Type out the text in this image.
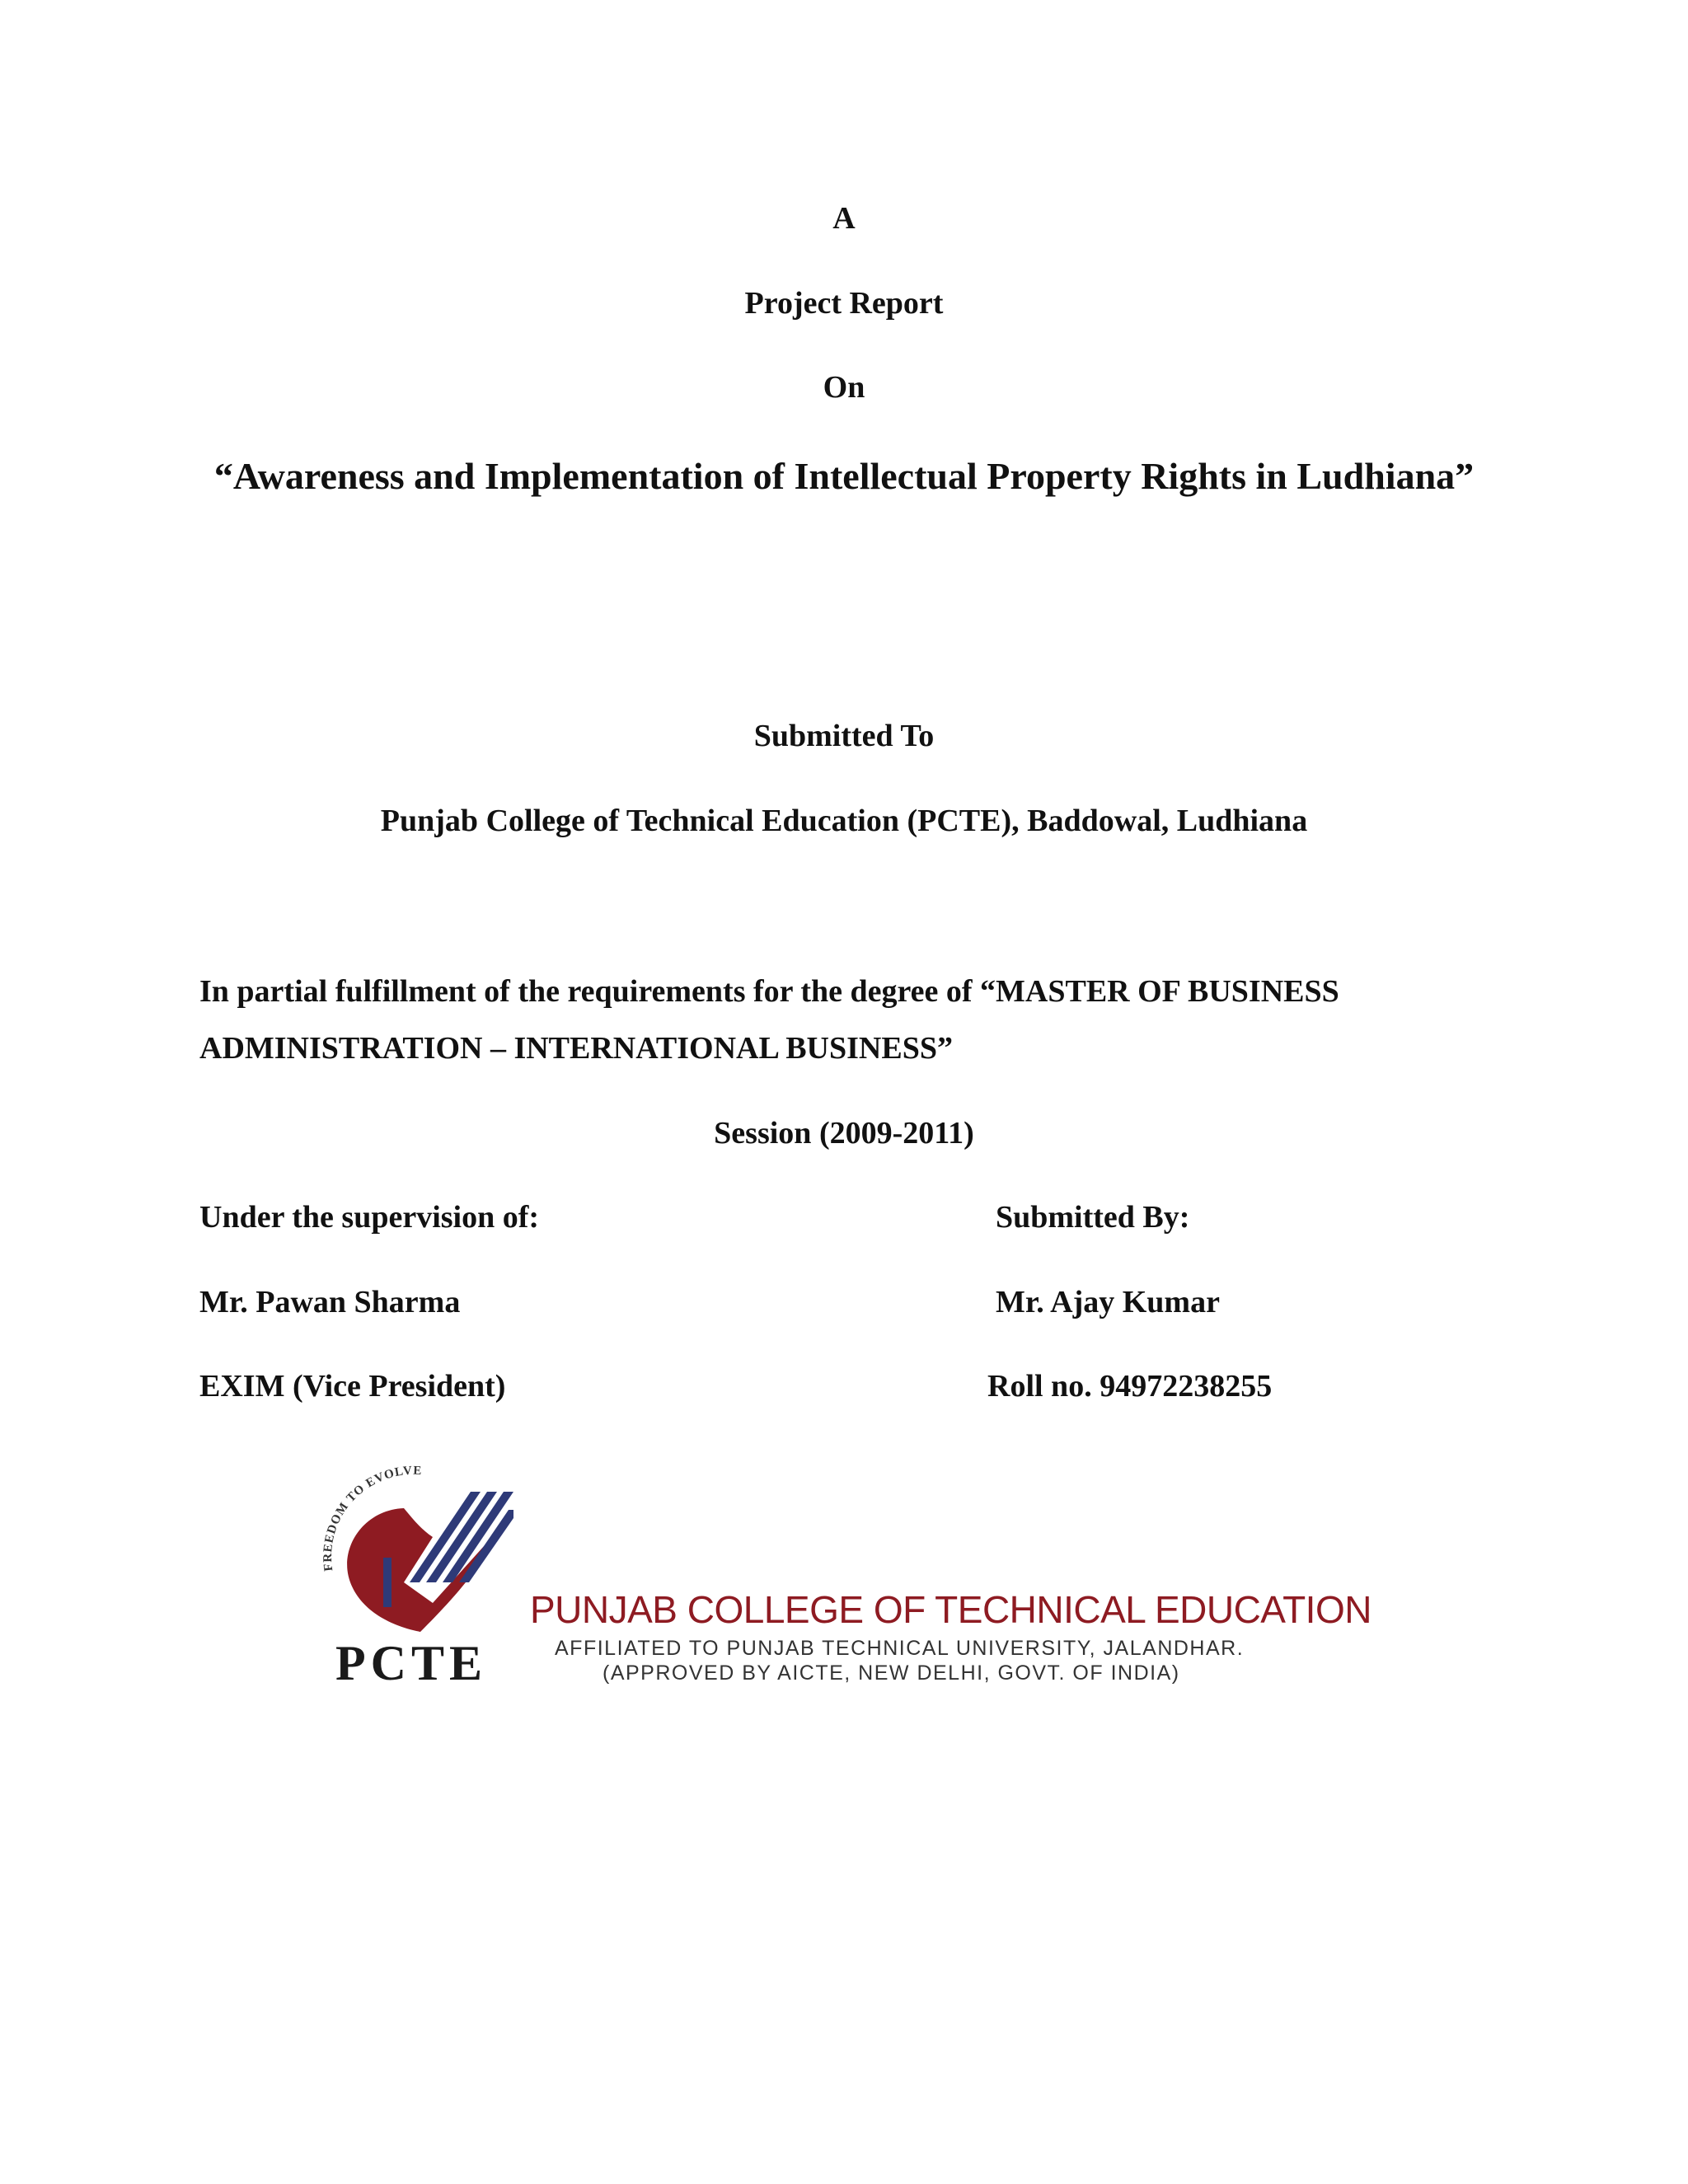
A
Project Report
On
“Awareness and Implementation of Intellectual Property Rights in Ludhiana”
Submitted To
Punjab College of Technical Education (PCTE), Baddowal, Ludhiana
In partial fulfillment of the requirements for the degree of “MASTER OF BUSINESS
ADMINISTRATION – INTERNATIONAL BUSINESS”
Session (2009-2011)
Under the supervision of:	Submitted By:
Mr. Pawan Sharma	Mr. Ajay Kumar
EXIM (Vice President)	Roll no. 94972238255
FREEDOM TO EVOLVE
PCTE
PUNJAB COLLEGE OF TECHNICAL EDUCATION
AFFILIATED TO PUNJAB TECHNICAL UNIVERSITY, JALANDHAR.
(APPROVED BY AICTE, NEW DELHI, GOVT. OF INDIA)
